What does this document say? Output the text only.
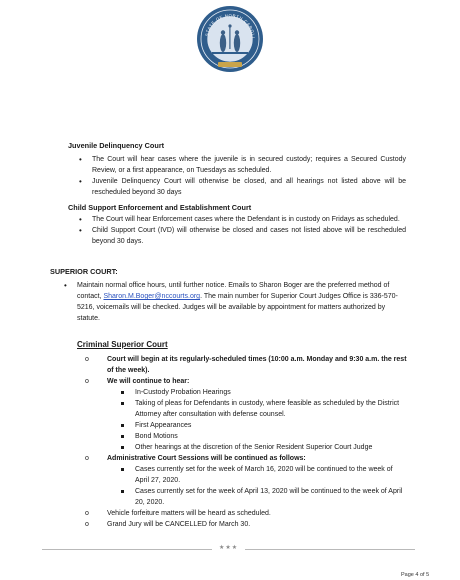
STATE OF NORTH CAROLI
Juvenile Delinquency Court
• The Court will hear cases where the juvenile is in secured custody; requires a Secured Custody Review, or a first appearance, on Tuesdays as scheduled.
• Juvenile Delinquency Court will otherwise be closed, and all hearings not listed above will be rescheduled beyond 30 days
Child Support Enforcement and Establishment Court
• The Court will hear Enforcement cases where the Defendant is in custody on Fridays as scheduled.
• Child Support Court (IVD) will otherwise be closed and cases not listed above will be rescheduled beyond 30 days.
SUPERIOR COURT:
• Maintain normal office hours, until further notice. Emails to Sharon Boger are the preferred method of contact, Sharon.M.Boger@nccourts.org. The main number for Superior Court Judges Office is 336-570-5216, voicemails will be checked. Judges will be available by appointment for matters authorized by statute.
Criminal Superior Court
o	Court will begin at its regularly-scheduled times (10:00 a.m. Monday and 9:30 a.m. the rest of the week).
o	We will continue to hear:
In-Custody Probation Hearings
Taking of pleas for Defendants in custody, where feasible as scheduled by the District Attorney after consultation with defense counsel.
First Appearances
Bond Motions
Other hearings at the discretion of the Senior Resident Superior Court Judge
o	Administrative Court Sessions will be continued as follows:
Cases currently set for the week of March 16, 2020 will be continued to the week of April 27, 2020.
Cases currently set for the week of April 13, 2020 will be continued to the week of April 20, 2020.
o	Vehicle forfeiture matters will be heard as scheduled.
o	Grand Jury will be CANCELLED for March 30.
★★★
Page 4 of 5
